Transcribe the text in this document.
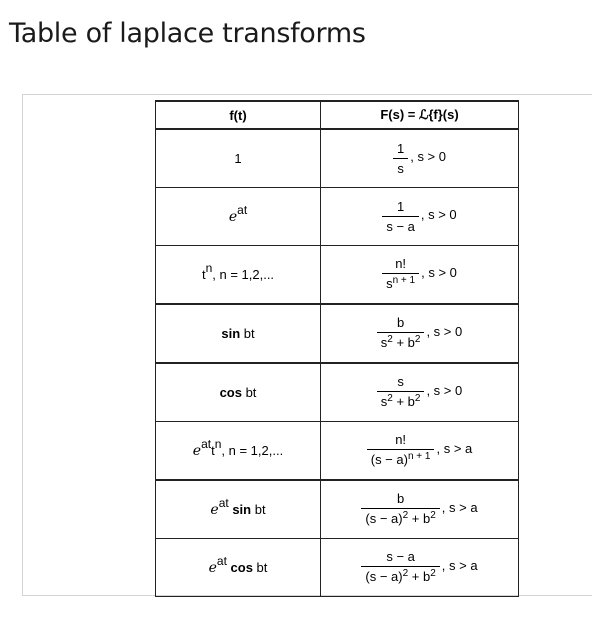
Table of laplace transforms
f(t)	F(s) = ℒ{f}(s)
1	$\frac{1}{s}$ , s > 0

eat	$\frac{1}{s - a}$ , s > 0

tn, n = 1,2,...	$\frac{n!}{s^{n + 1}}$ , s > 0

sin bt	$\frac{b}{s^2 + b^2}$ , s > 0

cos bt	$\frac{s}{s^2 + b^2}$ , s > 0

eattn, n = 1,2,...	$\frac{n!}{(s - a)^{n + 1}}$ , s > a

eat sin bt	$\frac{b}{(s - a)^2 + b^2}$ , s > a

eat cos bt	$\frac{s - a}{(s - a)^2 + b^2}$ , s > a
